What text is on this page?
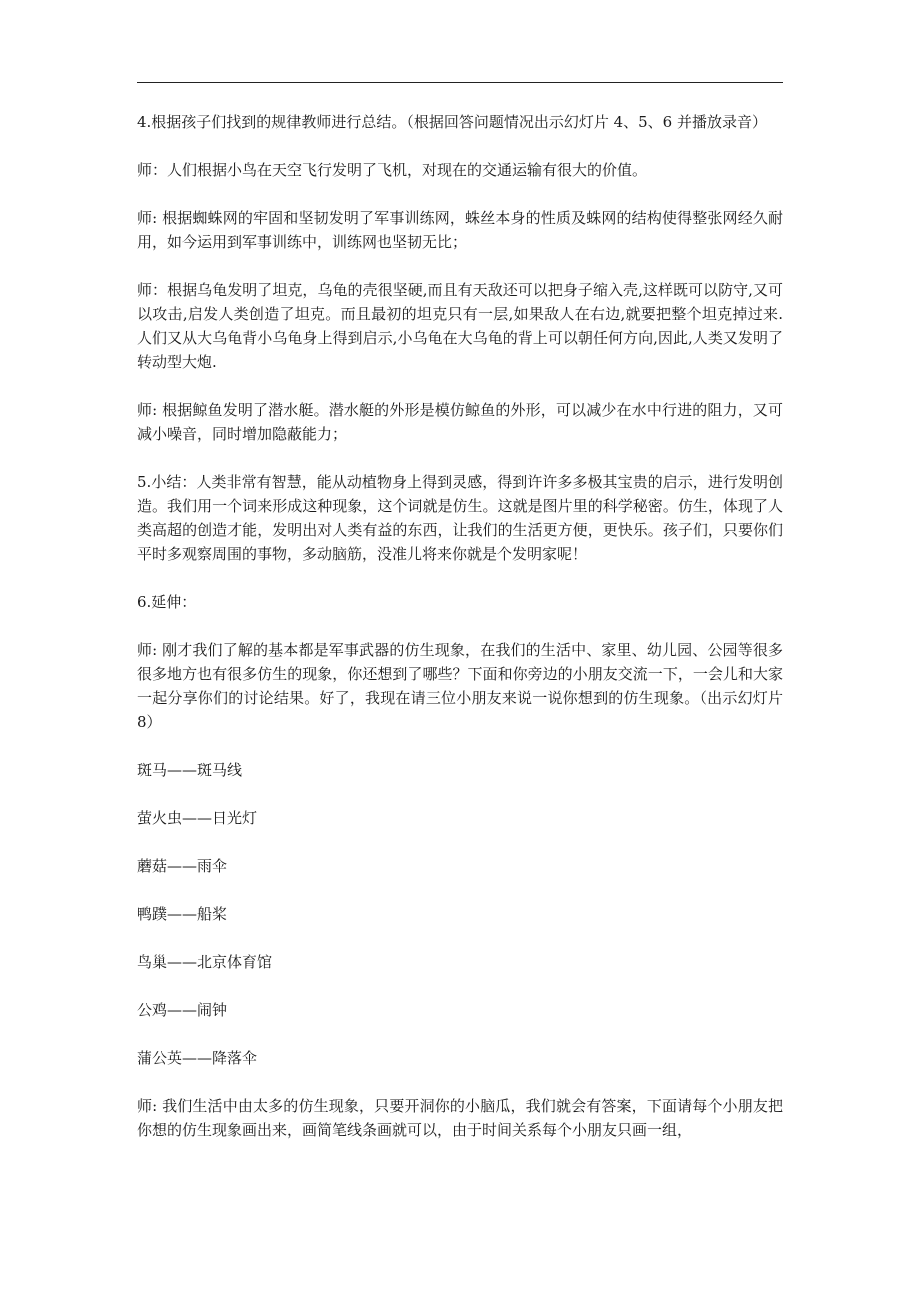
4.根据孩子们找到的规律教师进行总结。（根据回答问题情况出示幻灯片 4、5、6 并播放录音）

师：人们根据小鸟在天空飞行发明了飞机，对现在的交通运输有很大的价值。

师: 根据蜘蛛网的牢固和坚韧发明了军事训练网，蛛丝本身的性质及蛛网的结构使得整张网经久耐用，如今运用到军事训练中，训练网也坚韧无比；

师：根据乌龟发明了坦克，乌龟的壳很坚硬,而且有天敌还可以把身子缩入壳,这样既可以防守,又可以攻击,启发人类创造了坦克。而且最初的坦克只有一层,如果敌人在右边,就要把整个坦克掉过来.人们又从大乌龟背小乌龟身上得到启示,小乌龟在大乌龟的背上可以朝任何方向,因此,人类又发明了转动型大炮.

师: 根据鲸鱼发明了潜水艇。潜水艇的外形是模仿鲸鱼的外形，可以减少在水中行进的阻力，又可减小噪音，同时增加隐蔽能力；

5.小结：人类非常有智慧，能从动植物身上得到灵感，得到许许多多极其宝贵的启示，进行发明创造。我们用一个词来形成这种现象，这个词就是仿生。这就是图片里的科学秘密。仿生，体现了人类高超的创造才能，发明出对人类有益的东西，让我们的生活更方便，更快乐。孩子们，只要你们平时多观察周围的事物，多动脑筋，没准儿将来你就是个发明家呢！

6.延伸：

师: 刚才我们了解的基本都是军事武器的仿生现象，在我们的生活中、家里、幼儿园、公园等很多很多地方也有很多仿生的现象，你还想到了哪些？下面和你旁边的小朋友交流一下，一会儿和大家一起分享你们的讨论结果。好了，我现在请三位小朋友来说一说你想到的仿生现象。（出示幻灯片 8）

斑马——斑马线

萤火虫——日光灯

蘑菇——雨伞

鸭蹼——船桨

鸟巢——北京体育馆

公鸡——闹钟

蒲公英——降落伞

师: 我们生活中由太多的仿生现象，只要开洞你的小脑瓜，我们就会有答案，下面请每个小朋友把你想的仿生现象画出来，画简笔线条画就可以，由于时间关系每个小朋友只画一组，
